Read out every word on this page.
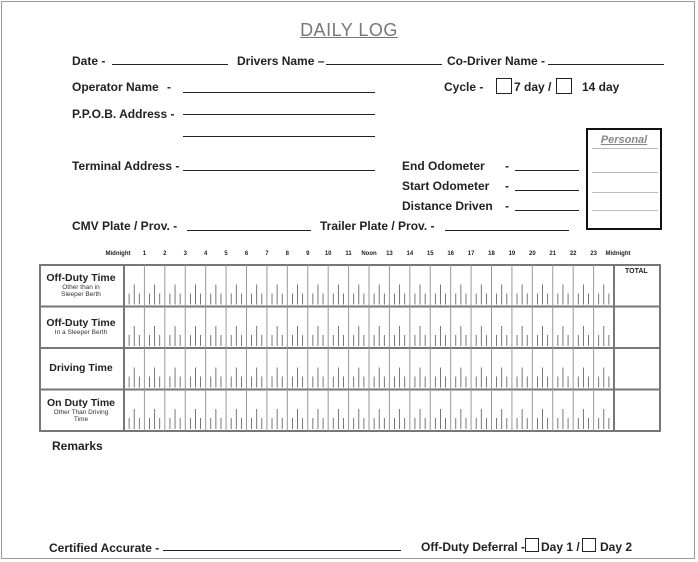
DAILY LOG
Date -	Drivers Name –	Co-Driver Name -
Operator Name -	Cycle -	7 day /	14 day
P.P.O.B. Address -
Terminal Address -	End Odometer -
Start Odometer -
Distance Driven -
Personal
CMV Plate / Prov. -	Trailer Plate / Prov. -
Midnight 1	2	3	4	5	6	7	8	9	10 11 Noon 13 14 15 16 17 18 19 20 21 22 23 Midnight
Off-Duty Time
Other than in
Sleeper Berth
Off-Duty Time
In a Sleeper Berth
Driving Time
On Duty Time
Other Than Driving
Time
TOTAL
Remarks
Certified Accurate -	Off-Duty Deferral - Day 1 / Day 2
